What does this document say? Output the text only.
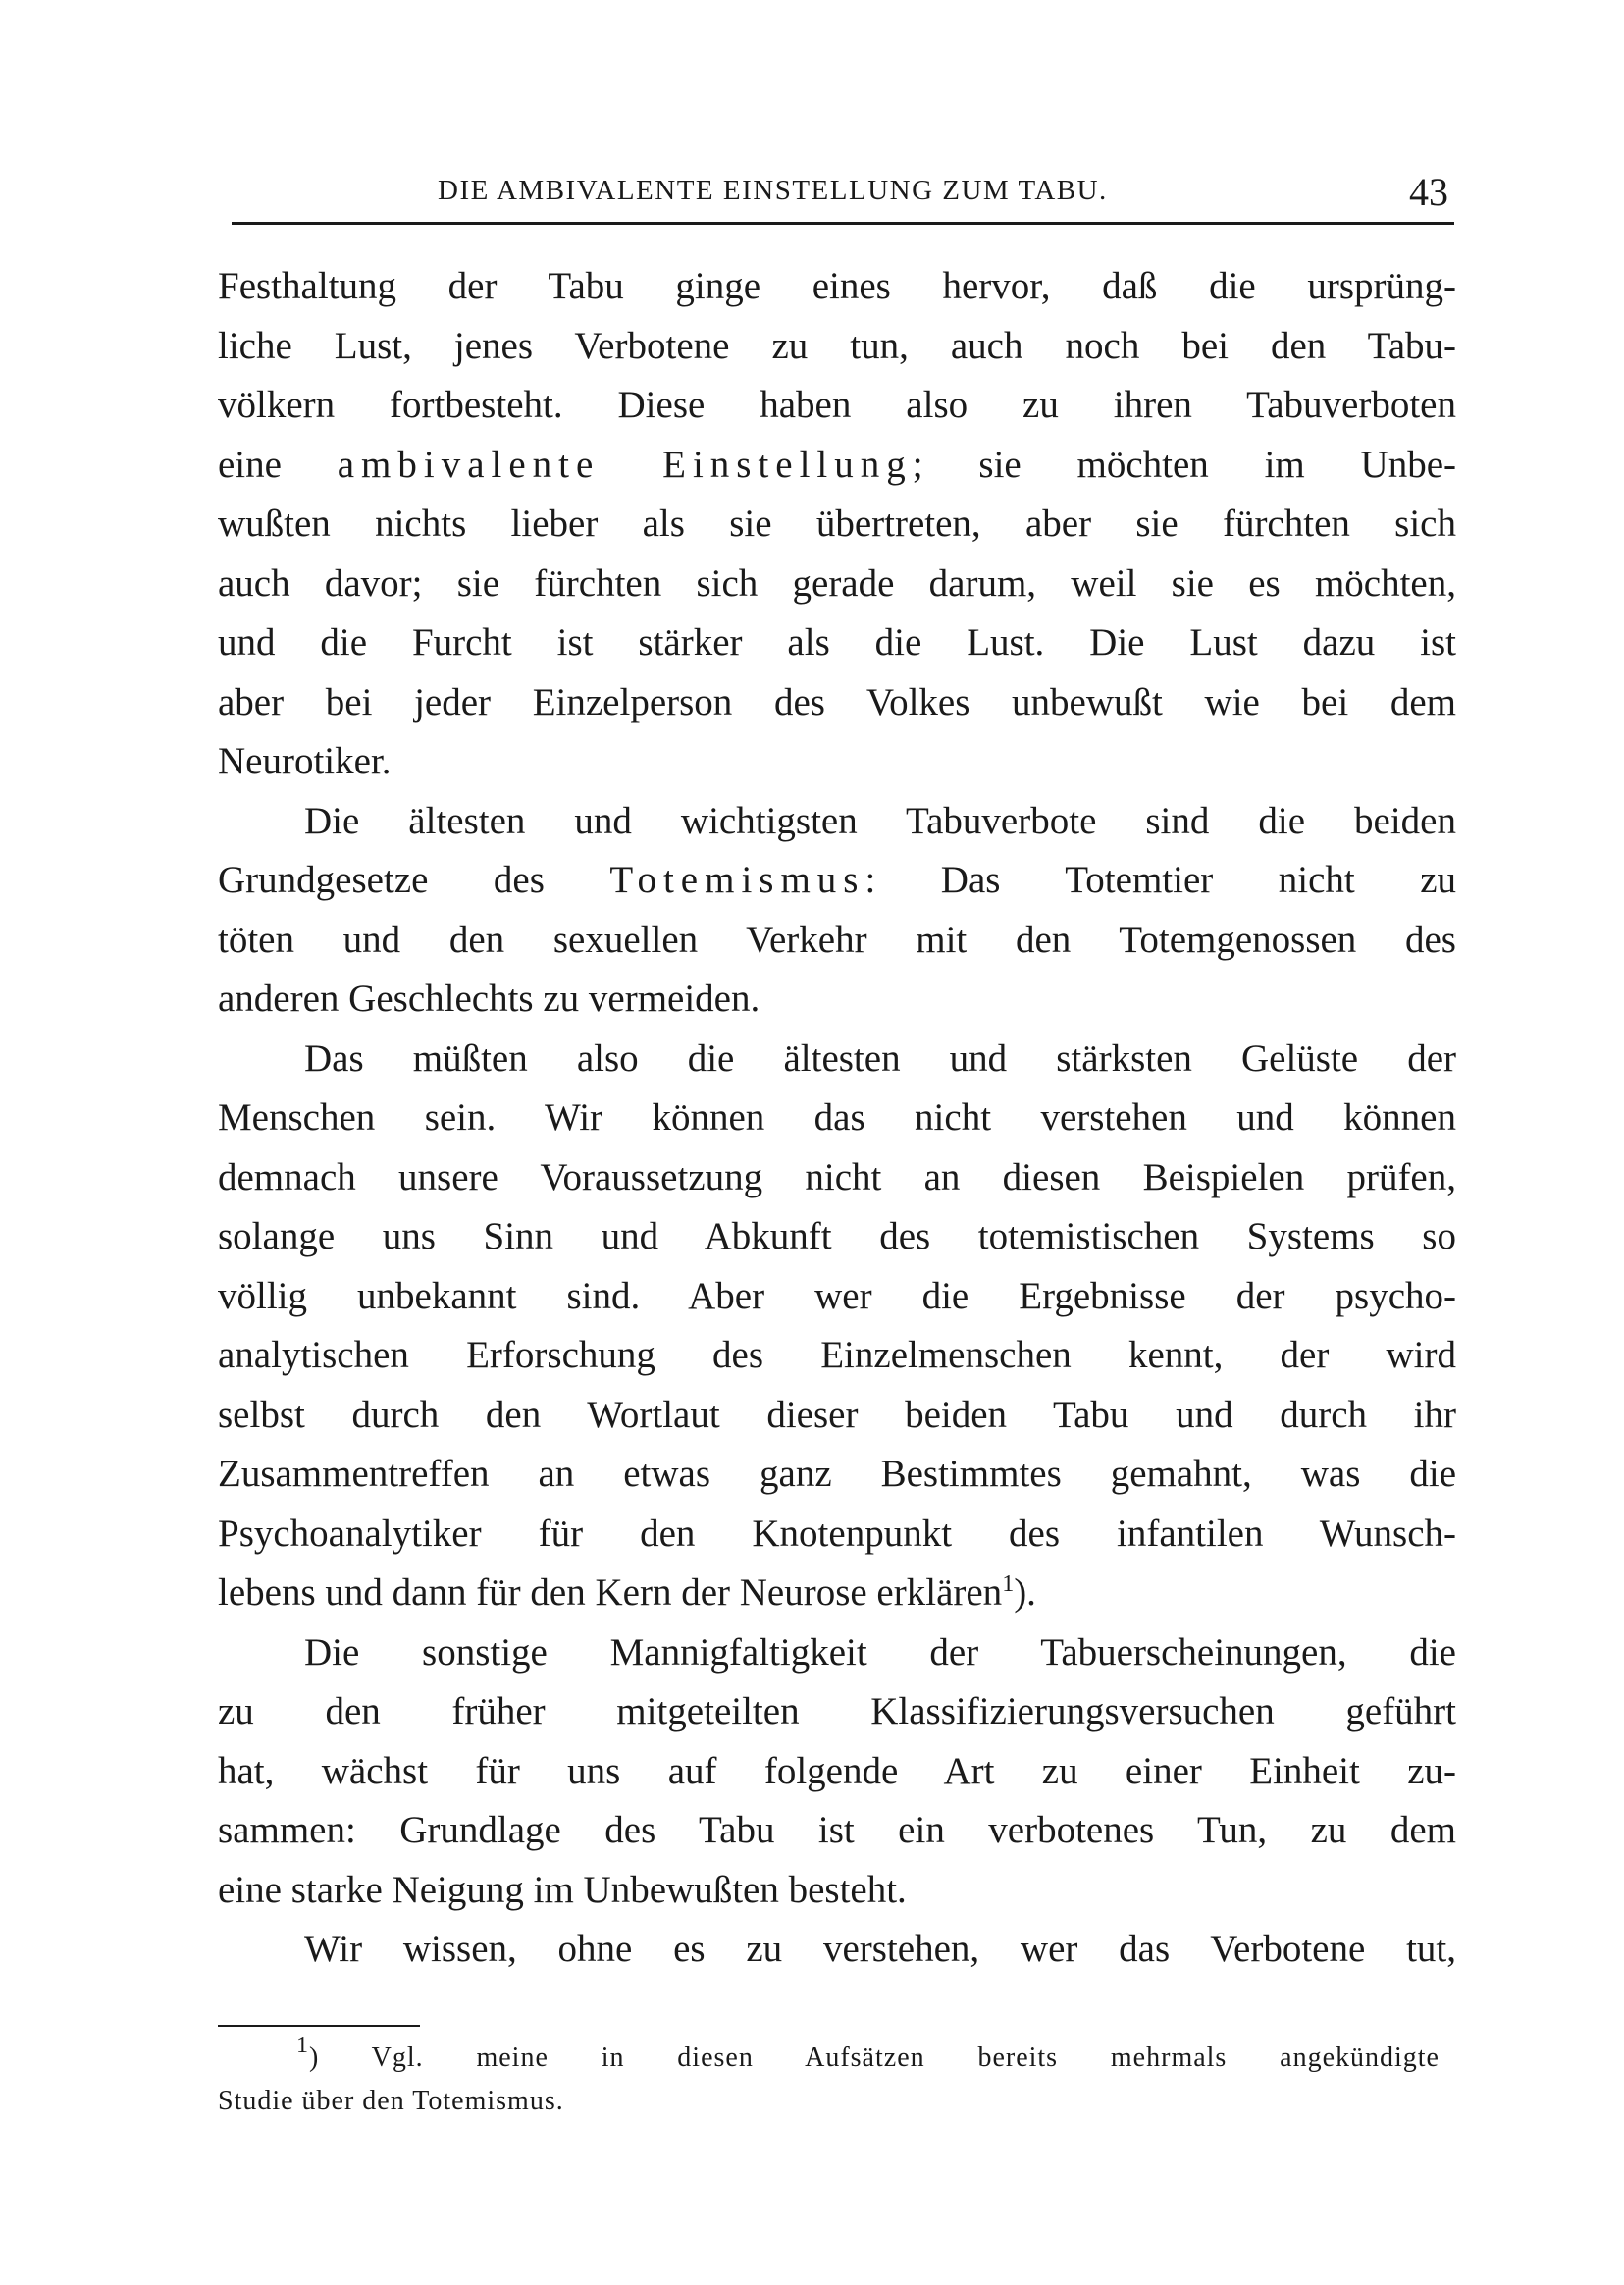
DIE AMBIVALENTE EINSTELLUNG ZUM TABU.	43
Festhaltung der Tabu ginge eines hervor, daß die ursprüng-
liche Lust, jenes Verbotene zu tun, auch noch bei den Tabu-
völkern fortbesteht. Diese haben also zu ihren Tabuverboten
eine ambivalente Einstellung; sie möchten im Unbe-
wußten nichts lieber als sie übertreten, aber sie fürchten sich
auch davor; sie fürchten sich gerade darum, weil sie es möchten,
und die Furcht ist stärker als die Lust. Die Lust dazu ist
aber bei jeder Einzelperson des Volkes unbewußt wie bei dem
Neurotiker.
Die ältesten und wichtigsten Tabuverbote sind die beiden
Grundgesetze des Totemismus: Das Totemtier nicht zu
töten und den sexuellen Verkehr mit den Totemgenossen des
anderen Geschlechts zu vermeiden.
Das müßten also die ältesten und stärksten Gelüste der
Menschen sein. Wir können das nicht verstehen und können
demnach unsere Voraussetzung nicht an diesen Beispielen prüfen,
solange uns Sinn und Abkunft des totemistischen Systems so
völlig unbekannt sind. Aber wer die Ergebnisse der psycho-
analytischen Erforschung des Einzelmenschen kennt, der wird
selbst durch den Wortlaut dieser beiden Tabu und durch ihr
Zusammentreffen an etwas ganz Bestimmtes gemahnt, was die
Psychoanalytiker für den Knotenpunkt des infantilen Wunsch-
lebens und dann für den Kern der Neurose erklären$^1$).
Die sonstige Mannigfaltigkeit der Tabuerscheinungen, die
zu den früher mitgeteilten Klassifizierungsversuchen geführt
hat, wächst für uns auf folgende Art zu einer Einheit zu-
sammen: Grundlage des Tabu ist ein verbotenes Tun, zu dem
eine starke Neigung im Unbewußten besteht.
Wir wissen, ohne es zu verstehen, wer das Verbotene tut,
$^1$) Vgl. meine in diesen Aufsätzen bereits mehrmals angekündigte
Studie über den Totemismus.
